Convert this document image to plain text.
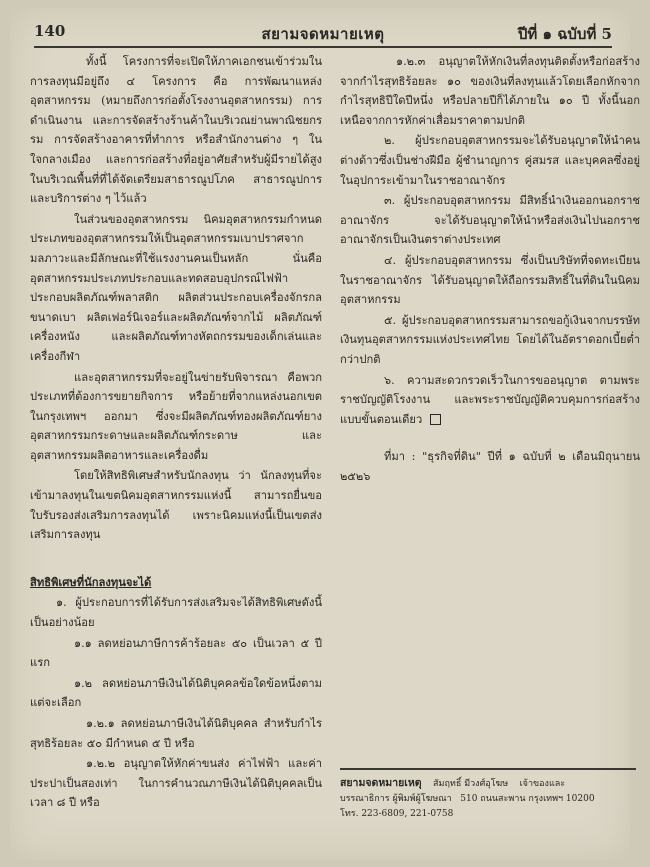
140	สยามจดหมายเหตุ	ปีที่ ๑ ฉบับที่ 5

ทั้งนี้ โครงการที่จะเปิดให้ภาคเอกชนเข้าร่วมในการลงทุนมีอยู่ถึง ๔ โครงการ คือ การพัฒนาแหล่งอุตสาหกรรม (หมายถึงการก่อตั้งโรงงานอุตสาหกรรม) การดำเนินงาน และการจัดสร้างร้านค้าในบริเวณย่านพาณิชยกรรม การจัดสร้างอาคารที่ทำการ หรือสำนักงานต่าง ๆ ในใจกลางเมือง และการก่อสร้างที่อยู่อาศัยสำหรับผู้มีรายได้สูง ในบริเวณพื้นที่ที่ได้จัดเตรียมสาธารณูปโภค สาธารณูปการและบริการต่าง ๆ ไว้แล้ว

ในส่วนของอุตสาหกรรม นิคมอุตสาหกรรมกำหนดประเภทของอุตสาหกรรมให้เป็นอุตสาหกรรมเบาปราศจากมลภาวะและมีลักษณะที่ใช้แรงงานคนเป็นหลัก นั่นคือ อุตสาหกรรมประเภทประกอบและทดสอบอุปกรณ์ไฟฟ้า ประกอบผลิตภัณฑ์พลาสติก ผลิตส่วนประกอบเครื่องจักรกลขนาดเบา ผลิตเฟอร์นิเจอร์และผลิตภัณฑ์จากไม้ ผลิตภัณฑ์เครื่องหนัง และผลิตภัณฑ์ทางหัตถกรรมของเด็กเล่นและเครื่องกีฬา

และอุตสาหกรรมที่จะอยู่ในข่ายรับพิจารณา คือพวกประเภทที่ต้องการขยายกิจการ หรือย้ายที่จากแหล่งนอกเขตในกรุงเทพฯ ออกมา ซึ่งจะมีผลิตภัณฑ์ทองผลิตภัณฑ์ยาง อุตสาหกรรมกระดาษและผลิตภัณฑ์กระดาษ และอุตสาหกรรมผลิตอาหารและเครื่องดื่ม

โดยให้สิทธิพิเศษสำหรับนักลงทุน ว่า นักลงทุนที่จะเข้ามาลงทุนในเขตนิคมอุตสาหกรรมแห่งนี้ สามารถยื่นขอใบรับรองส่งเสริมการลงทุนได้ เพราะนิคมแห่งนี้เป็นเขตส่งเสริมการลงทุน

สิทธิพิเศษที่นักลงทุนจะได้

๑. ผู้ประกอบการที่ได้รับการส่งเสริมจะได้สิทธิพิเศษดังนี้เป็นอย่างน้อย

๑.๑ ลดหย่อนภาษีการค้าร้อยละ ๕๐ เป็นเวลา ๕ ปีแรก

๑.๒ ลดหย่อนภาษีเงินได้นิติบุคคลข้อใดข้อหนึ่งตามแต่จะเลือก

๑.๒.๑ ลดหย่อนภาษีเงินได้นิติบุคคล สำหรับกำไรสุทธิร้อยละ ๕๐ มีกำหนด ๕ ปี หรือ

๑.๒.๒ อนุญาตให้หักค่าขนส่ง ค่าไฟฟ้า และค่าประปาเป็นสองเท่า ในการคำนวณภาษีเงินได้นิติบุคคลเป็นเวลา ๘ ปี หรือ

๑.๒.๓ อนุญาตให้หักเงินที่ลงทุนติดตั้งหรือก่อสร้าง จากกำไรสุทธิร้อยละ ๑๐ ของเงินที่ลงทุนแล้วโดยเลือกหักจากกำไรสุทธิปีใดปีหนึ่ง หรือปลายปีก็ได้ภายใน ๑๐ ปี ทั้งนี้นอกเหนือจากการหักค่าเสื่อมราคาตามปกติ

๒. ผู้ประกอบอุตสาหกรรมจะได้รับอนุญาตให้นำคนต่างด้าวซึ่งเป็นช่างฝีมือ ผู้ชำนาญการ คู่สมรส และบุคคลซึ่งอยู่ในอุปการะเข้ามาในราชอาณาจักร

๓. ผู้ประกอบอุตสาหกรรม มีสิทธิ์นำเงินออกนอกราชอาณาจักร จะได้รับอนุญาตให้นำหรือส่งเงินไปนอกราชอาณาจักรเป็นเงินตราต่างประเทศ

๔. ผู้ประกอบอุตสาหกรรม ซึ่งเป็นบริษัทที่จดทะเบียนในราชอาณาจักร ได้รับอนุญาตให้ถือกรรมสิทธิ์ในที่ดินในนิคมอุตสาหกรรม

๕. ผู้ประกอบอุตสาหกรรมสามารถขอกู้เงินจากบรรษัทเงินทุนอุตสาหกรรมแห่งประเทศไทย โดยได้ในอัตราดอกเบี้ยต่ำกว่าปกติ

๖. ความสะดวกรวดเร็วในการขออนุญาต ตามพระราชบัญญัติโรงงาน และพระราชบัญญัติควบคุมการก่อสร้างแบบขั้นตอนเดียว

ที่มา : "ธุรกิจที่ดิน" ปีที่ ๑ ฉบับที่ ๒ เดือนมิถุนายน ๒๕๒๖

สยามจดหมายเหตุ สัมฤทธิ์ มีวงศ์อุโฆษ เจ้าของและ
บรรณาธิการ ผู้พิมพ์ผู้โฆษณา 510 ถนนสะพาน กรุงเทพฯ 10200
โทร. 223-6809, 221-0758
